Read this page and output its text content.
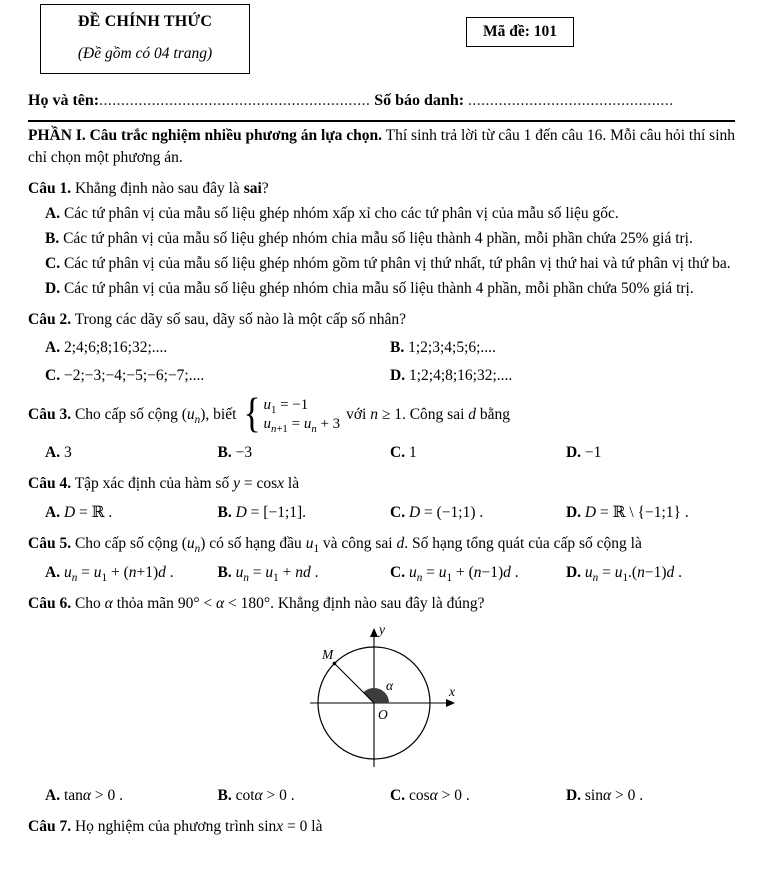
ĐỀ CHÍNH THỨC
(Đề gồm có 04 trang)
Mã đề: 101
Họ và tên:.............................................................. Số báo danh: ...............................................

PHẦN I. Câu trắc nghiệm nhiều phương án lựa chọn. Thí sinh trả lời từ câu 1 đến câu 16. Mỗi câu hỏi thí sinh chỉ chọn một phương án.

Câu 1. Khẳng định nào sau đây là sai?

A. Các tứ phân vị của mẫu số liệu ghép nhóm xấp xỉ cho các tứ phân vị của mẫu số liệu gốc.

B. Các tứ phân vị của mẫu số liệu ghép nhóm chia mẫu số liệu thành 4 phần, mỗi phần chứa 25% giá trị.

C. Các tứ phân vị của mẫu số liệu ghép nhóm gồm tứ phân vị thứ nhất, tứ phân vị thứ hai và tứ phân vị thứ ba.

D. Các tứ phân vị của mẫu số liệu ghép nhóm chia mẫu số liệu thành 4 phần, mỗi phần chứa 50% giá trị.

Câu 2. Trong các dãy số sau, dãy số nào là một cấp số nhân?

A. 2;4;6;8;16;32;....	B. 1;2;3;4;5;6;....
C. −2;−3;−4;−5;−6;−7;....	D. 1;2;4;8;16;32;....

Câu 3. Cho cấp số cộng $(u_n)$, biết { $u_1 = -1$
$u_{n+1} = u_n + 3$
với n ≥ 1. Công sai d bằng

A. 3	B. −3	C. 1	D. −1

Câu 4. Tập xác định của hàm số y = cosx là

A. D = ℝ .	B. D = [−1;1].	C. D = (−1;1) .	D. D = ℝ \ {−1;1} .

Câu 5. Cho cấp số cộng $(u_n)$ có số hạng đầu $u_1$ và công sai d. Số hạng tổng quát của cấp số cộng là

A. $u_n = u_1 + (n+1)d$ .	B. $u_n = u_1$ + nd .	C. $u_n = u_1 + (n-1)d$ .	D. $u_n = u_1.(n-1)d$ .

Câu 6. Cho α thỏa mãn 90° < α < 180°. Khẳng định nào sau đây là đúng?

M
α	x
y
O
A. tanα > 0 .	B. cotα > 0 .	C. cosα > 0 .	D. sinα > 0 .

Câu 7. Họ nghiệm của phương trình sinx = 0 là
